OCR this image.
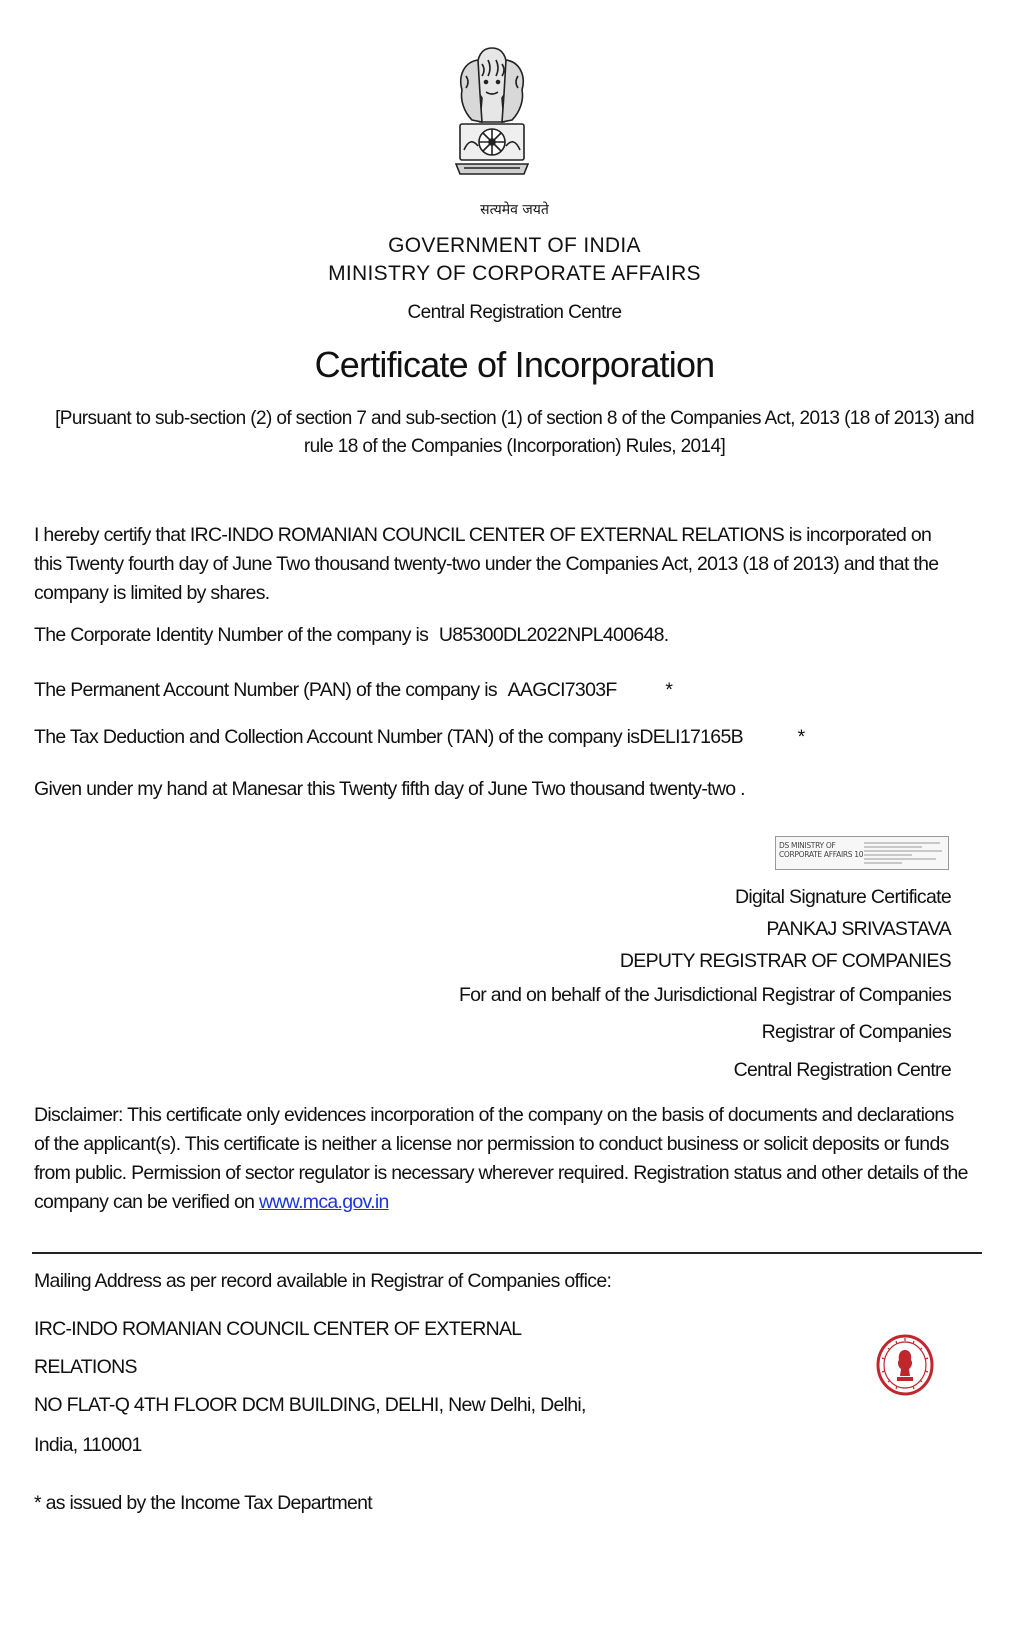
सत्यमेव जयते
GOVERNMENT OF INDIA
MINISTRY OF CORPORATE AFFAIRS
Central Registration Centre
Certificate of Incorporation
[Pursuant to sub-section (2) of section 7 and sub-section (1) of section 8 of the Companies Act, 2013 (18 of 2013) and
rule 18 of the Companies (Incorporation) Rules, 2014]
I hereby certify that IRC-INDO ROMANIAN COUNCIL CENTER OF EXTERNAL RELATIONS is incorporated on
this Twenty fourth day of June Two thousand twenty-two under the Companies Act, 2013 (18 of 2013) and that the
company is limited by shares.
The Corporate Identity Number of the company is U85300DL2022NPL400648.
The Permanent Account Number (PAN) of the company is AAGCI7303F *
The Tax Deduction and Collection Account Number (TAN) of the company isDELI17165B	*
Given under my hand at Manesar this Twenty fifth day of June Two thousand twenty-two .
DS MINISTRY OF
CORPORATE AFFAIRS 10
Digital Signature Certificate
PANKAJ SRIVASTAVA
DEPUTY REGISTRAR OF COMPANIES
For and on behalf of the Jurisdictional Registrar of Companies
Registrar of Companies
Central Registration Centre
Disclaimer: This certificate only evidences incorporation of the company on the basis of documents and declarations
of the applicant(s). This certificate is neither a license nor permission to conduct business or solicit deposits or funds
from public. Permission of sector regulator is necessary wherever required. Registration status and other details of the
company can be verified on www.mca.gov.in
Mailing Address as per record available in Registrar of Companies office:
IRC-INDO ROMANIAN COUNCIL CENTER OF EXTERNAL
RELATIONS
NO FLAT-Q 4TH FLOOR DCM BUILDING, DELHI, New Delhi, Delhi,
India, 110001
* as issued by the Income Tax Department
